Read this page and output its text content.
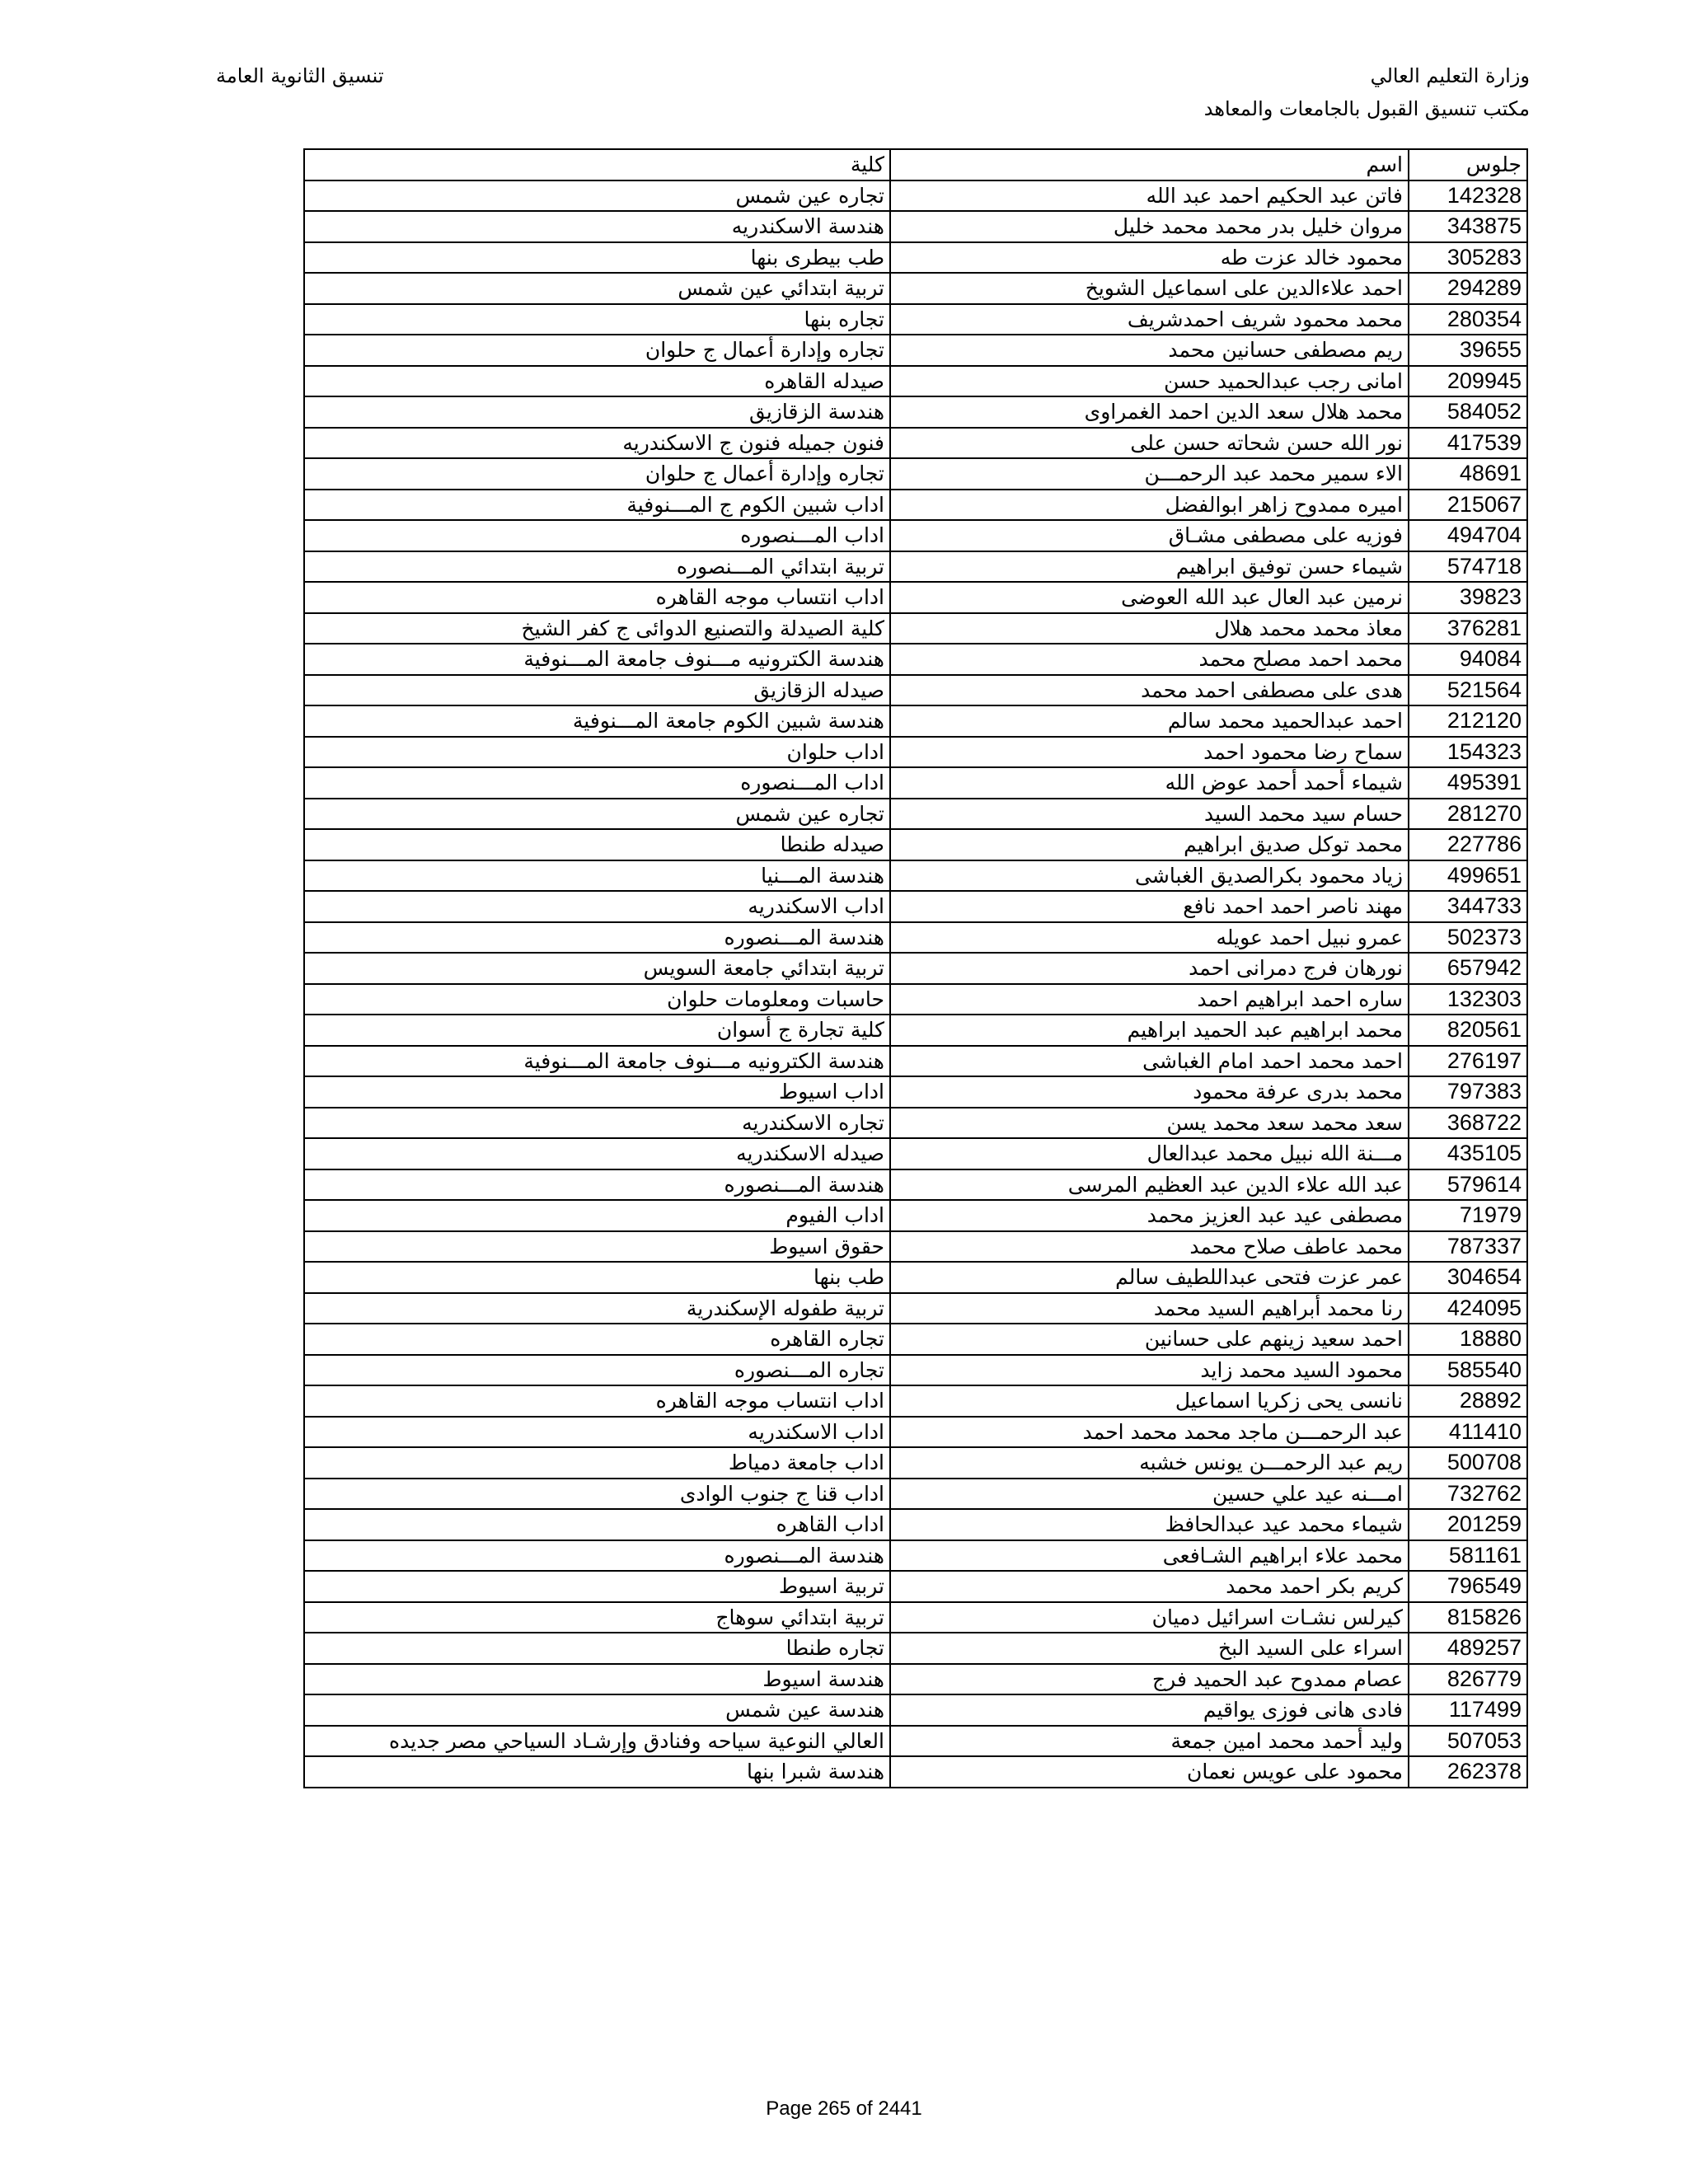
وزارة التعليم العالي
مكتب تنسيق القبول بالجامعات والمعاهد
تنسيق الثانوية العامة
جلوس	اسم	كلية
142328	فاتن عبد الحكيم احمد عبد الله	تجاره عين شمس
343875	مروان خليل بدر محمد محمد خليل	هندسة الاسكندريه
305283	محمود خالد عزت طه	طب بيطرى بنها
294289	احمد علاءالدين على اسماعيل الشويخ	تربية ابتدائي عين شمس
280354	محمد محمود شريف احمدشريف	تجاره بنها
39655	ريم مصطفى حسانين محمد	تجاره وإدارة أعمال ج حلوان
209945	امانى رجب عبدالحميد حسن	صيدله القاهره
584052	محمد هلال سعد الدين احمد الغمراوى	هندسة الزقازيق
417539	نور الله حسن شحاته حسن على	فنون جميله فنون ج الاسكندريه
48691	الاء سمير محمد عبد الرحمـــن	تجاره وإدارة أعمال ج حلوان
215067	اميره ممدوح زاهر ابوالفضل	اداب شبين الكوم ج المـــنوفية
494704	فوزيه على مصطفى مشـاق	اداب المـــنصوره
574718	شيماء حسن توفيق ابراهيم	تربية ابتدائي المـــنصوره
39823	نرمين عبد العال عبد الله العوضى	اداب انتساب موجه القاهره
376281	معاذ محمد محمد هلال	كلية الصيدلة والتصنيع الدوائى ج كفر الشيخ
94084	محمد احمد مصلح محمد	هندسة الكترونيه مـــنوف جامعة المـــنوفية
521564	هدى على مصطفى احمد محمد	صيدله الزقازيق
212120	احمد عبدالحميد محمد سالم	هندسة شبين الكوم جامعة المـــنوفية
154323	سماح رضا محمود احمد	اداب حلوان
495391	شيماء أحمد أحمد عوض الله	اداب المـــنصوره
281270	حسام سيد محمد السيد	تجاره عين شمس
227786	محمد توكل صديق ابراهيم	صيدله طنطا
499651	زياد محمود بكرالصديق الغباشى	هندسة المـــنيا
344733	مهند ناصر احمد احمد نافع	اداب الاسكندريه
502373	عمرو نبيل احمد عويله	هندسة المـــنصوره
657942	نورهان فرج دمرانى احمد	تربية ابتدائي جامعة السويس
132303	ساره احمد ابراهيم احمد	حاسبات ومعلومات حلوان
820561	محمد ابراهيم عبد الحميد ابراهيم	كلية تجارة ج أسوان
276197	احمد محمد احمد امام الغباشى	هندسة الكترونيه مـــنوف جامعة المـــنوفية
797383	محمد بدرى عرفة محمود	اداب اسيوط
368722	سعد محمد سعد محمد يسن	تجاره الاسكندريه
435105	مـــنة الله نبيل محمد عبدالعال	صيدله الاسكندريه
579614	عبد الله علاء الدين عبد العظيم المرسى	هندسة المـــنصوره
71979	مصطفى عيد عبد العزيز محمد	اداب الفيوم
787337	محمد عاطف صلاح محمد	حقوق اسيوط
304654	عمر عزت فتحى عبداللطيف سالم	طب بنها
424095	رنا محمد أبراهيم السيد محمد	تربية طفوله الإسكندرية
18880	احمد سعيد زينهم على حسانين	تجاره القاهره
585540	محمود السيد محمد زايد	تجاره المـــنصوره
28892	نانسى يحى زكريا اسماعيل	اداب انتساب موجه القاهره
411410	عبد الرحمـــن ماجد محمد محمد احمد	اداب الاسكندريه
500708	ريم عبد الرحمـــن يونس خشبه	اداب جامعة دمياط
732762	امـــنه عيد علي حسين	اداب قنا ج جنوب الوادى
201259	شيماء محمد عيد عبدالحافظ	اداب القاهره
581161	محمد علاء ابراهيم الشـافعى	هندسة المـــنصوره
796549	كريم بكر احمد محمد	تربية اسيوط
815826	كيرلس نشـات اسرائيل دميان	تربية ابتدائي سوهاج
489257	اسراء على السيد البخ	تجاره طنطا
826779	عصام ممدوح عبد الحميد فرج	هندسة اسيوط
117499	فادى هانى فوزى يواقيم	هندسة عين شمس
507053	وليد أحمد محمد امين جمعة	العالي النوعية سياحه وفنادق وإرشـاد السياحي مصر جديده
262378	محمود على عويس نعمان	هندسة شبرا بنها
Page 265 of 2441
